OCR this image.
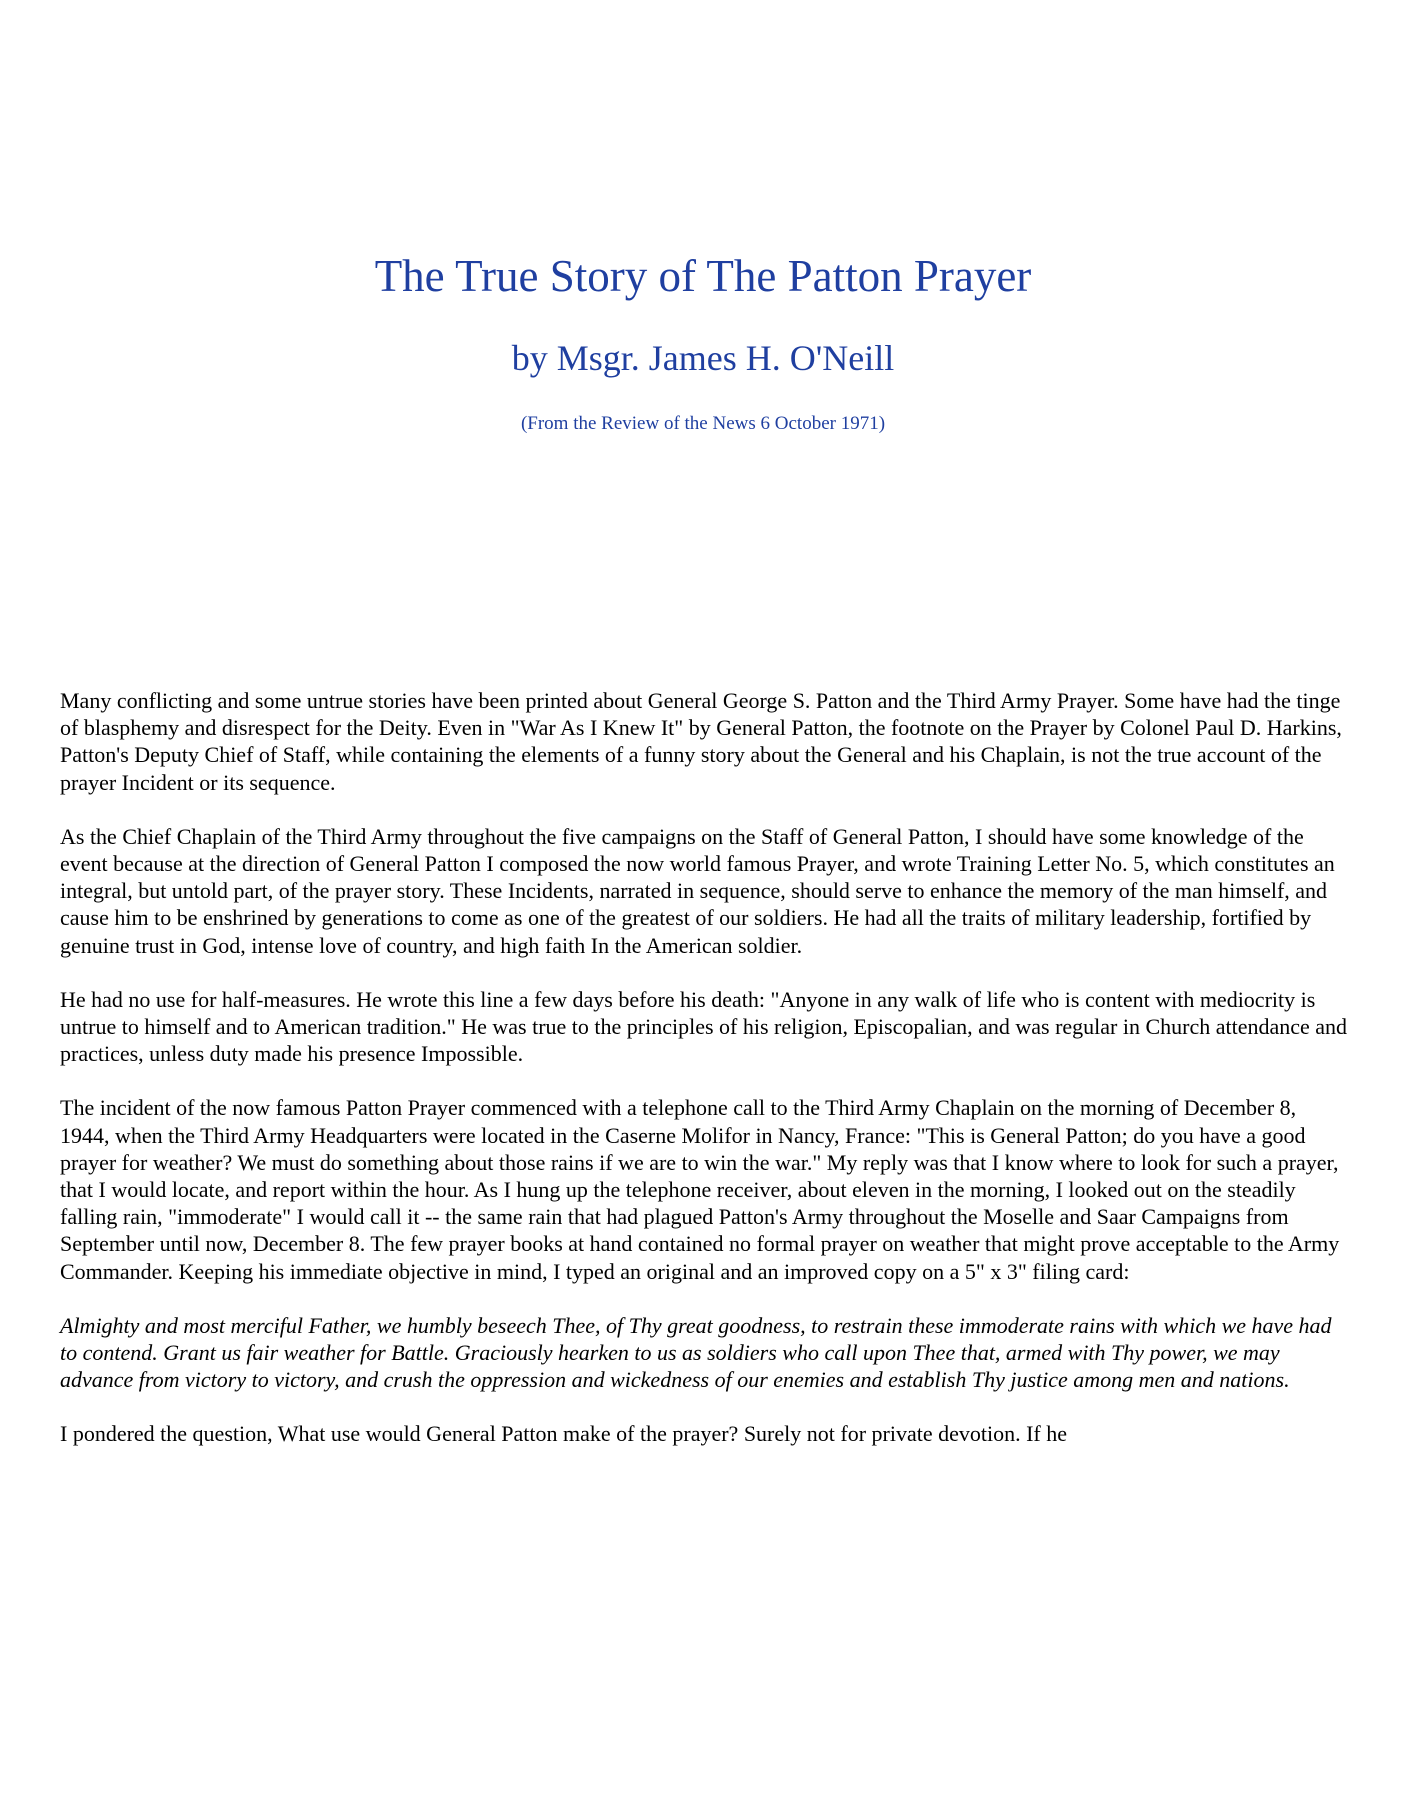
The True Story of The Patton Prayer
by Msgr. James H. O'Neill
(From the Review of the News 6 October 1971)

Many conflicting and some untrue stories have been printed about General George S. Patton and the Third Army Prayer. Some have had the tinge of blasphemy and disrespect for the Deity. Even in "War As I Knew It" by General Patton, the footnote on the Prayer by Colonel Paul D. Harkins, Patton's Deputy Chief of Staff, while containing the elements of a funny story about the General and his Chaplain, is not the true account of the prayer Incident or its sequence.

As the Chief Chaplain of the Third Army throughout the five campaigns on the Staff of General Patton, I should have some knowledge of the event because at the direction of General Patton I composed the now world famous Prayer, and wrote Training Letter No. 5, which constitutes an integral, but untold part, of the prayer story. These Incidents, narrated in sequence, should serve to enhance the memory of the man himself, and cause him to be enshrined by generations to come as one of the greatest of our soldiers. He had all the traits of military leadership, fortified by genuine trust in God, intense love of country, and high faith In the American soldier.

He had no use for half-measures. He wrote this line a few days before his death: "Anyone in any walk of life who is content with mediocrity is untrue to himself and to American tradition." He was true to the principles of his religion, Episcopalian, and was regular in Church attendance and practices, unless duty made his presence Impossible.

The incident of the now famous Patton Prayer commenced with a telephone call to the Third Army Chaplain on the morning of December 8, 1944, when the Third Army Headquarters were located in the Caserne Molifor in Nancy, France: "This is General Patton; do you have a good prayer for weather? We must do something about those rains if we are to win the war." My reply was that I know where to look for such a prayer, that I would locate, and report within the hour. As I hung up the telephone receiver, about eleven in the morning, I looked out on the steadily falling rain, "immoderate" I would call it -- the same rain that had plagued Patton's Army throughout the Moselle and Saar Campaigns from September until now, December 8. The few prayer books at hand contained no formal prayer on weather that might prove acceptable to the Army Commander. Keeping his immediate objective in mind, I typed an original and an improved copy on a 5" x 3" filing card:

Almighty and most merciful Father, we humbly beseech Thee, of Thy great goodness, to restrain these immoderate rains with which we have had to contend. Grant us fair weather for Battle. Graciously hearken to us as soldiers who call upon Thee that, armed with Thy power, we may advance from victory to victory, and crush the oppression and wickedness of our enemies and establish Thy justice among men and nations.

I pondered the question, What use would General Patton make of the prayer? Surely not for private devotion. If he
